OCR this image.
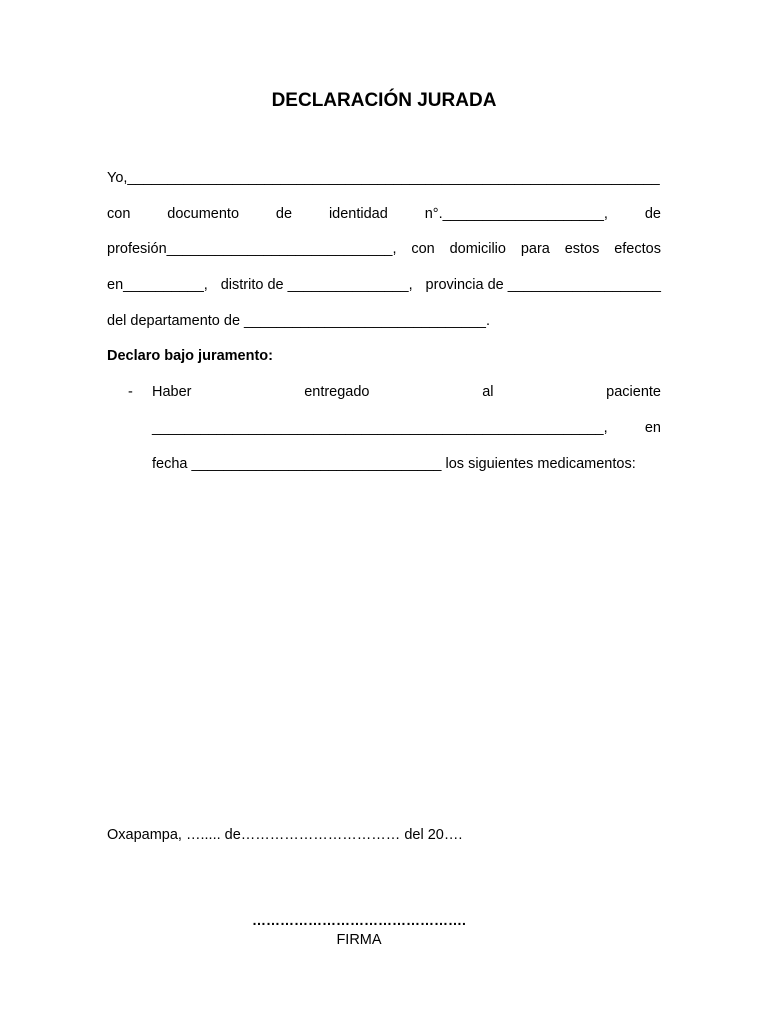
DECLARACIÓN JURADA
Yo,__________________________________________________________________
con	documento	de	identidad	n°.____________________,	de
profesión____________________________, con domicilio para estos efectos
en__________, distrito de _______________, provincia de ___________________
del departamento de ______________________________.
Declaro bajo juramento:
- Haber	entregado	al	paciente
________________________________________________________,	en
fecha _______________________________ los siguientes medicamentos:
Oxapampa, …..... de…………………………… del 20….
……………………………………….
FIRMA
